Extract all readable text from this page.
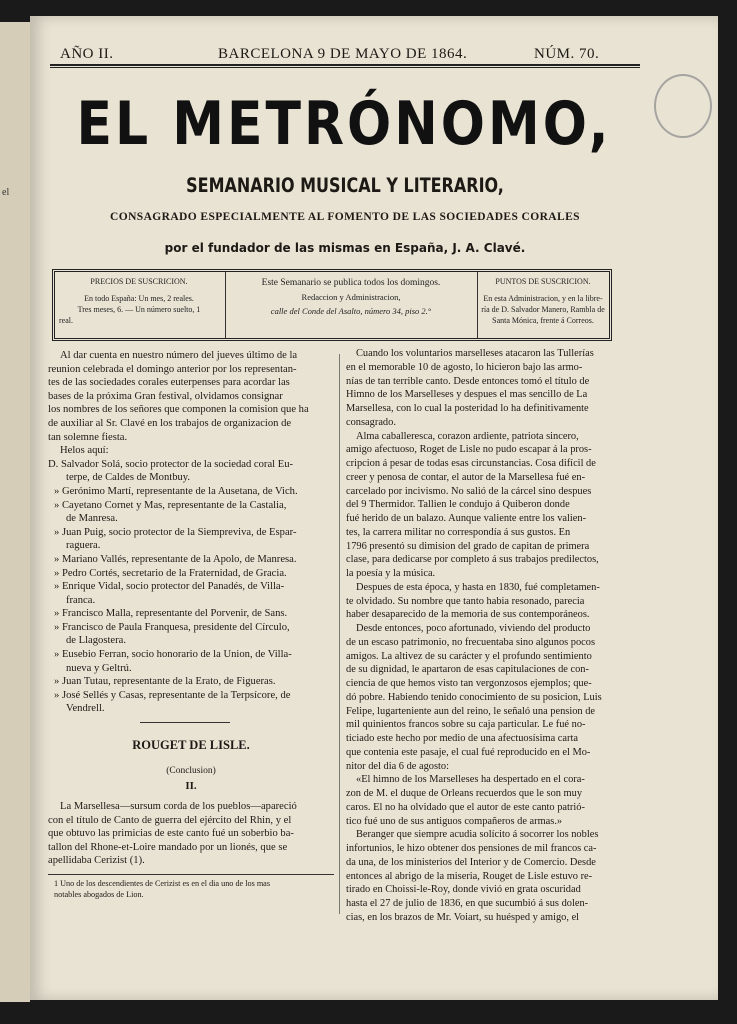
el
AÑO II.	BARCELONA 9 DE MAYO DE 1864.	NÚM. 70.
EL METRÓNOMO,
SEMANARIO MUSICAL Y LITERARIO,
CONSAGRADO ESPECIALMENTE AL FOMENTO DE LAS SOCIEDADES CORALES
por el fundador de las mismas en España, J. A. Clavé.
PRECIOS DE SUSCRICION.
En todo España: Un mes, 2 reales.
Tres meses, 6. — Un número suelto, 1
real.
Este Semanario se publica todos los domingos.
Redaccion y Administracion,
calle del Conde del Asalto, número 34, piso 2.°
PUNTOS DE SUSCRICION.
En esta Administracion, y en la libre-
ría de D. Salvador Manero, Rambla de
Santa Mónica, frente á Correos.
Al dar cuenta en nuestro número del jueves último de la
reunion celebrada el domingo anterior por los representan-
tes de las sociedades corales euterpenses para acordar las
bases de la próxima Gran festival, olvidamos consignar
los nombres de los señores que componen la comision que ha
de auxiliar al Sr. Clavé en los trabajos de organizacion de
tan solemne fiesta.
Helos aquí:
D. Salvador Solá, socio protector de la sociedad coral Eu-
terpe, de Caldes de Montbuy.
» Gerónimo Martí, representante de la Ausetana, de Vich.
» Cayetano Cornet y Mas, representante de la Castalia,
de Manresa.
» Juan Puig, socio protector de la Siempreviva, de Espar-
raguera.
» Mariano Vallés, representante de la Apolo, de Manresa.
» Pedro Cortés, secretario de la Fraternidad, de Gracia.
» Enrique Vidal, socio protector del Panadés, de Villa-
franca.
» Francisco Malla, representante del Porvenir, de Sans.
» Francisco de Paula Franquesa, presidente del Círculo,
de Llagostera.
» Eusebio Ferran, socio honorario de la Union, de Villa-
nueva y Geltrú.
» Juan Tutau, representante de la Erato, de Figueras.
» José Sellés y Casas, representante de la Terpsícore, de
Vendrell.
ROUGET DE LISLE.
(Conclusion)
II.
La Marsellesa—sursum corda de los pueblos—apareció
con el título de Canto de guerra del ejército del Rhin, y el
que obtuvo las primicias de este canto fué un soberbio ba-
tallon del Rhone-et-Loire mandado por un lionés, que se
apellidaba Cerizist (1).
1 Uno de los descendientes de Cerizist es en el dia uno de los mas
notables abogados de Lion.
Cuando los voluntarios marselleses atacaron las Tullerías
en el memorable 10 de agosto, lo hicieron bajo las armo-
nías de tan terrible canto. Desde entonces tomó el título de
Himno de los Marselleses y despues el mas sencillo de La
Marsellesa, con lo cual la posteridad lo ha definitivamente
consagrado.
Alma caballeresca, corazon ardiente, patriota sincero,
amigo afectuoso, Roget de Lisle no pudo escapar á la pros-
cripcion á pesar de todas esas circunstancias. Cosa difícil de
creer y penosa de contar, el autor de la Marsellesa fué en-
carcelado por incivismo. No salió de la cárcel sino despues
del 9 Thermidor. Tallien le condujo á Quiberon donde
fué herido de un balazo. Aunque valiente entre los valien-
tes, la carrera militar no correspondía á sus gustos. En
1796 presentó su dimision del grado de capitan de primera
clase, para dedicarse por completo á sus trabajos predilectos,
la poesía y la música.
Despues de esta época, y hasta en 1830, fué completamen-
te olvidado. Su nombre que tanto habia resonado, parecia
haber desaparecido de la memoria de sus contemporáneos.
Desde entonces, poco afortunado, viviendo del producto
de un escaso patrimonio, no frecuentaba sino algunos pocos
amigos. La altivez de su carácter y el profundo sentimiento
de su dignidad, le apartaron de esas capitulaciones de con-
ciencia de que hemos visto tan vergonzosos ejemplos; que-
dó pobre. Habiendo tenido conocimiento de su posicion, Luis
Felipe, lugarteniente aun del reino, le señaló una pension de
mil quinientos francos sobre su caja particular. Le fué no-
ticiado este hecho por medio de una afectuosísima carta
que contenia este pasaje, el cual fué reproducido en el Mo-
nitor del dia 6 de agosto:
«El himno de los Marselleses ha despertado en el cora-
zon de M. el duque de Orleans recuerdos que le son muy
caros. El no ha olvidado que el autor de este canto patrió-
tico fué uno de sus antiguos compañeros de armas.»
Beranger que siempre acudia solícito á socorrer los nobles
infortunios, le hizo obtener dos pensiones de mil francos ca-
da una, de los ministerios del Interior y de Comercio. Desde
entonces al abrigo de la miseria, Rouget de Lisle estuvo re-
tirado en Choissi-le-Roy, donde vivió en grata oscuridad
hasta el 27 de julio de 1836, en que sucumbió á sus dolen-
cias, en los brazos de Mr. Voiart, su huésped y amigo, el
